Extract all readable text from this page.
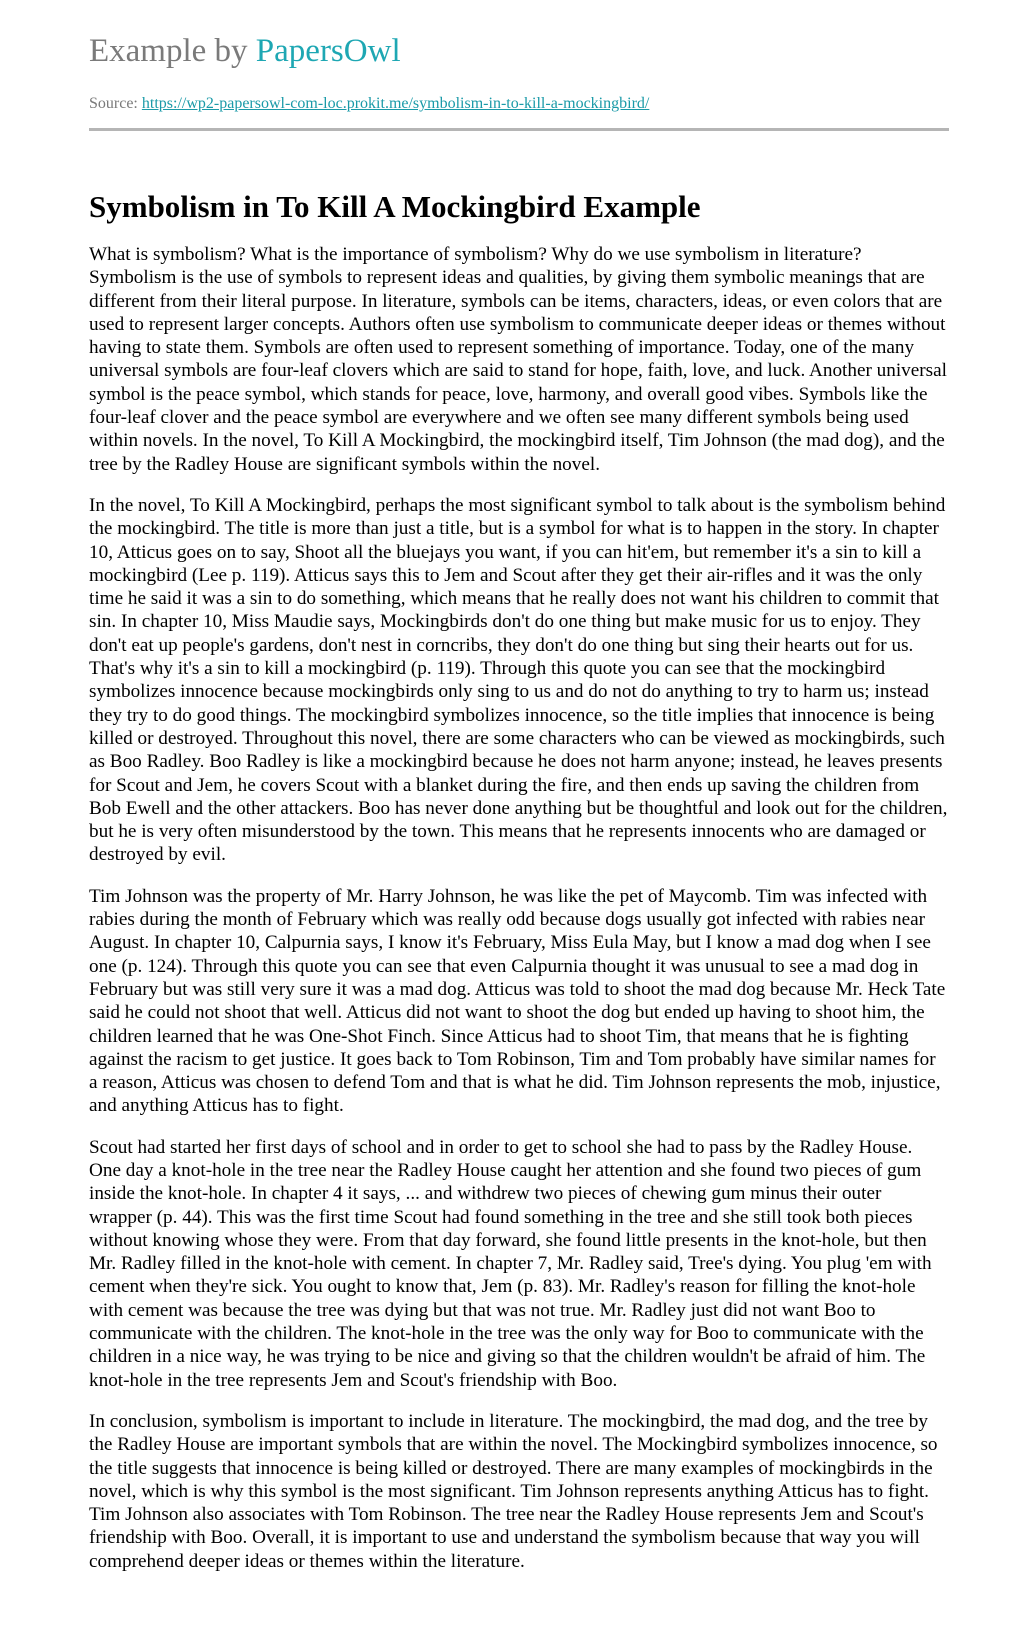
Example by PapersOwl
Source: https://wp2-papersowl-com-loc.prokit.me/symbolism-in-to-kill-a-mockingbird/
Symbolism in To Kill A Mockingbird Example

What is symbolism? What is the importance of symbolism? Why do we use symbolism in literature? Symbolism is the use of symbols to represent ideas and qualities, by giving them symbolic meanings that are different from their literal purpose. In literature, symbols can be items, characters, ideas, or even colors that are used to represent larger concepts. Authors often use symbolism to communicate deeper ideas or themes without having to state them. Symbols are often used to represent something of importance. Today, one of the many universal symbols are four-leaf clovers which are said to stand for hope, faith, love, and luck. Another universal symbol is the peace symbol, which stands for peace, love, harmony, and overall good vibes. Symbols like the four-leaf clover and the peace symbol are everywhere and we often see many different symbols being used within novels. In the novel, To Kill A Mockingbird, the mockingbird itself, Tim Johnson (the mad dog), and the tree by the Radley House are significant symbols within the novel.

In the novel, To Kill A Mockingbird, perhaps the most significant symbol to talk about is the symbolism behind the mockingbird. The title is more than just a title, but is a symbol for what is to happen in the story. In chapter 10, Atticus goes on to say, Shoot all the bluejays you want, if you can hit'em, but remember it's a sin to kill a mockingbird (Lee p. 119). Atticus says this to Jem and Scout after they get their air-rifles and it was the only time he said it was a sin to do something, which means that he really does not want his children to commit that sin. In chapter 10, Miss Maudie says, Mockingbirds don't do one thing but make music for us to enjoy. They don't eat up people's gardens, don't nest in corncribs, they don't do one thing but sing their hearts out for us. That's why it's a sin to kill a mockingbird (p. 119). Through this quote you can see that the mockingbird symbolizes innocence because mockingbirds only sing to us and do not do anything to try to harm us; instead they try to do good things. The mockingbird symbolizes innocence, so the title implies that innocence is being killed or destroyed. Throughout this novel, there are some characters who can be viewed as mockingbirds, such as Boo Radley. Boo Radley is like a mockingbird because he does not harm anyone; instead, he leaves presents for Scout and Jem, he covers Scout with a blanket during the fire, and then ends up saving the children from Bob Ewell and the other attackers. Boo has never done anything but be thoughtful and look out for the children, but he is very often misunderstood by the town. This means that he represents innocents who are damaged or destroyed by evil.

Tim Johnson was the property of Mr. Harry Johnson, he was like the pet of Maycomb. Tim was infected with rabies during the month of February which was really odd because dogs usually got infected with rabies near August. In chapter 10, Calpurnia says, I know it's February, Miss Eula May, but I know a mad dog when I see one (p. 124). Through this quote you can see that even Calpurnia thought it was unusual to see a mad dog in February but was still very sure it was a mad dog. Atticus was told to shoot the mad dog because Mr. Heck Tate said he could not shoot that well. Atticus did not want to shoot the dog but ended up having to shoot him, the children learned that he was One-Shot Finch. Since Atticus had to shoot Tim, that means that he is fighting against the racism to get justice. It goes back to Tom Robinson, Tim and Tom probably have similar names for a reason, Atticus was chosen to defend Tom and that is what he did. Tim Johnson represents the mob, injustice, and anything Atticus has to fight.

Scout had started her first days of school and in order to get to school she had to pass by the Radley House. One day a knot-hole in the tree near the Radley House caught her attention and she found two pieces of gum inside the knot-hole. In chapter 4 it says, ... and withdrew two pieces of chewing gum minus their outer wrapper (p. 44). This was the first time Scout had found something in the tree and she still took both pieces without knowing whose they were. From that day forward, she found little presents in the knot-hole, but then Mr. Radley filled in the knot-hole with cement. In chapter 7, Mr. Radley said, Tree's dying. You plug 'em with cement when they're sick. You ought to know that, Jem (p. 83). Mr. Radley's reason for filling the knot-hole with cement was because the tree was dying but that was not true. Mr. Radley just did not want Boo to communicate with the children. The knot-hole in the tree was the only way for Boo to communicate with the children in a nice way, he was trying to be nice and giving so that the children wouldn't be afraid of him. The knot-hole in the tree represents Jem and Scout's friendship with Boo.

In conclusion, symbolism is important to include in literature. The mockingbird, the mad dog, and the tree by the Radley House are important symbols that are within the novel. The Mockingbird symbolizes innocence, so the title suggests that innocence is being killed or destroyed. There are many examples of mockingbirds in the novel, which is why this symbol is the most significant. Tim Johnson represents anything Atticus has to fight. Tim Johnson also associates with Tom Robinson. The tree near the Radley House represents Jem and Scout's friendship with Boo. Overall, it is important to use and understand the symbolism because that way you will comprehend deeper ideas or themes within the literature.
